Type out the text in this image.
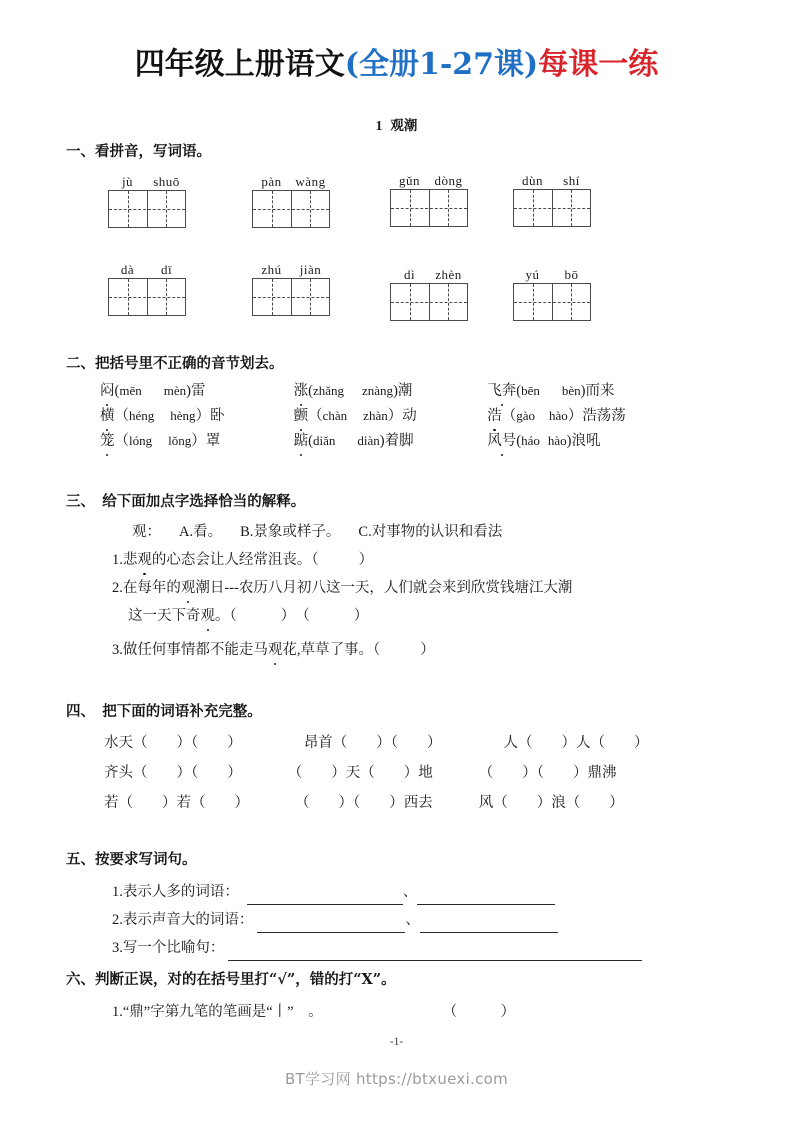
四年级上册语文(全册1-27课)每课一练
1 观潮
一、看拼音，写词语。
jù shuō	pàn wàng	gǔn dòng	dùn shí
dà dī	zhú jiàn	dì zhèn	yú bō
二、把括号里不正确的音节划去。
闷(mēn mèn)雷	涨(zhǎng znàng)潮	飞奔(bēn bèn)而来
横（héng hèng）卧	颤（chàn zhàn）动	浩（gào hào）浩荡荡
笼（lóng lǒng）罩	踮(diǎn diàn)着脚	风号(háo hào)浪吼
三、　给下面加点字选择恰当的解释。
观： A.看。 B.景象或样子。 C.对事物的认识和看法
1.悲观的心态会让人经常沮丧。（	）
2.在每年的观潮日---农历八月初八这一天，人们就会来到欣赏钱塘江大潮
这一天下奇观。（	）　（	）
3.做任何事情都不能走马观花,草草了事。（	）
四、　把下面的词语补充完整。
水天（　　）（　　）	昂首（　　）（　　）	人（　　）人（　　）
齐头（　　）（　　）	（　　）天（　　）地	（　　）（　　）鼎沸
若（　　）若（　　）	（　　）（　　）西去	风（　　）浪（　　）
五、按要求写词句。
1.表示人多的词语：	、
2.表示声音大的词语：	、
3.写一个比喻句：
六、判断正误，对的在括号里打“√”，错的打“X”。
1.“鼎”字第九笔的笔画是“丨”　。	（　　　）
-1-
BT学习网 https://btxuexi.com
